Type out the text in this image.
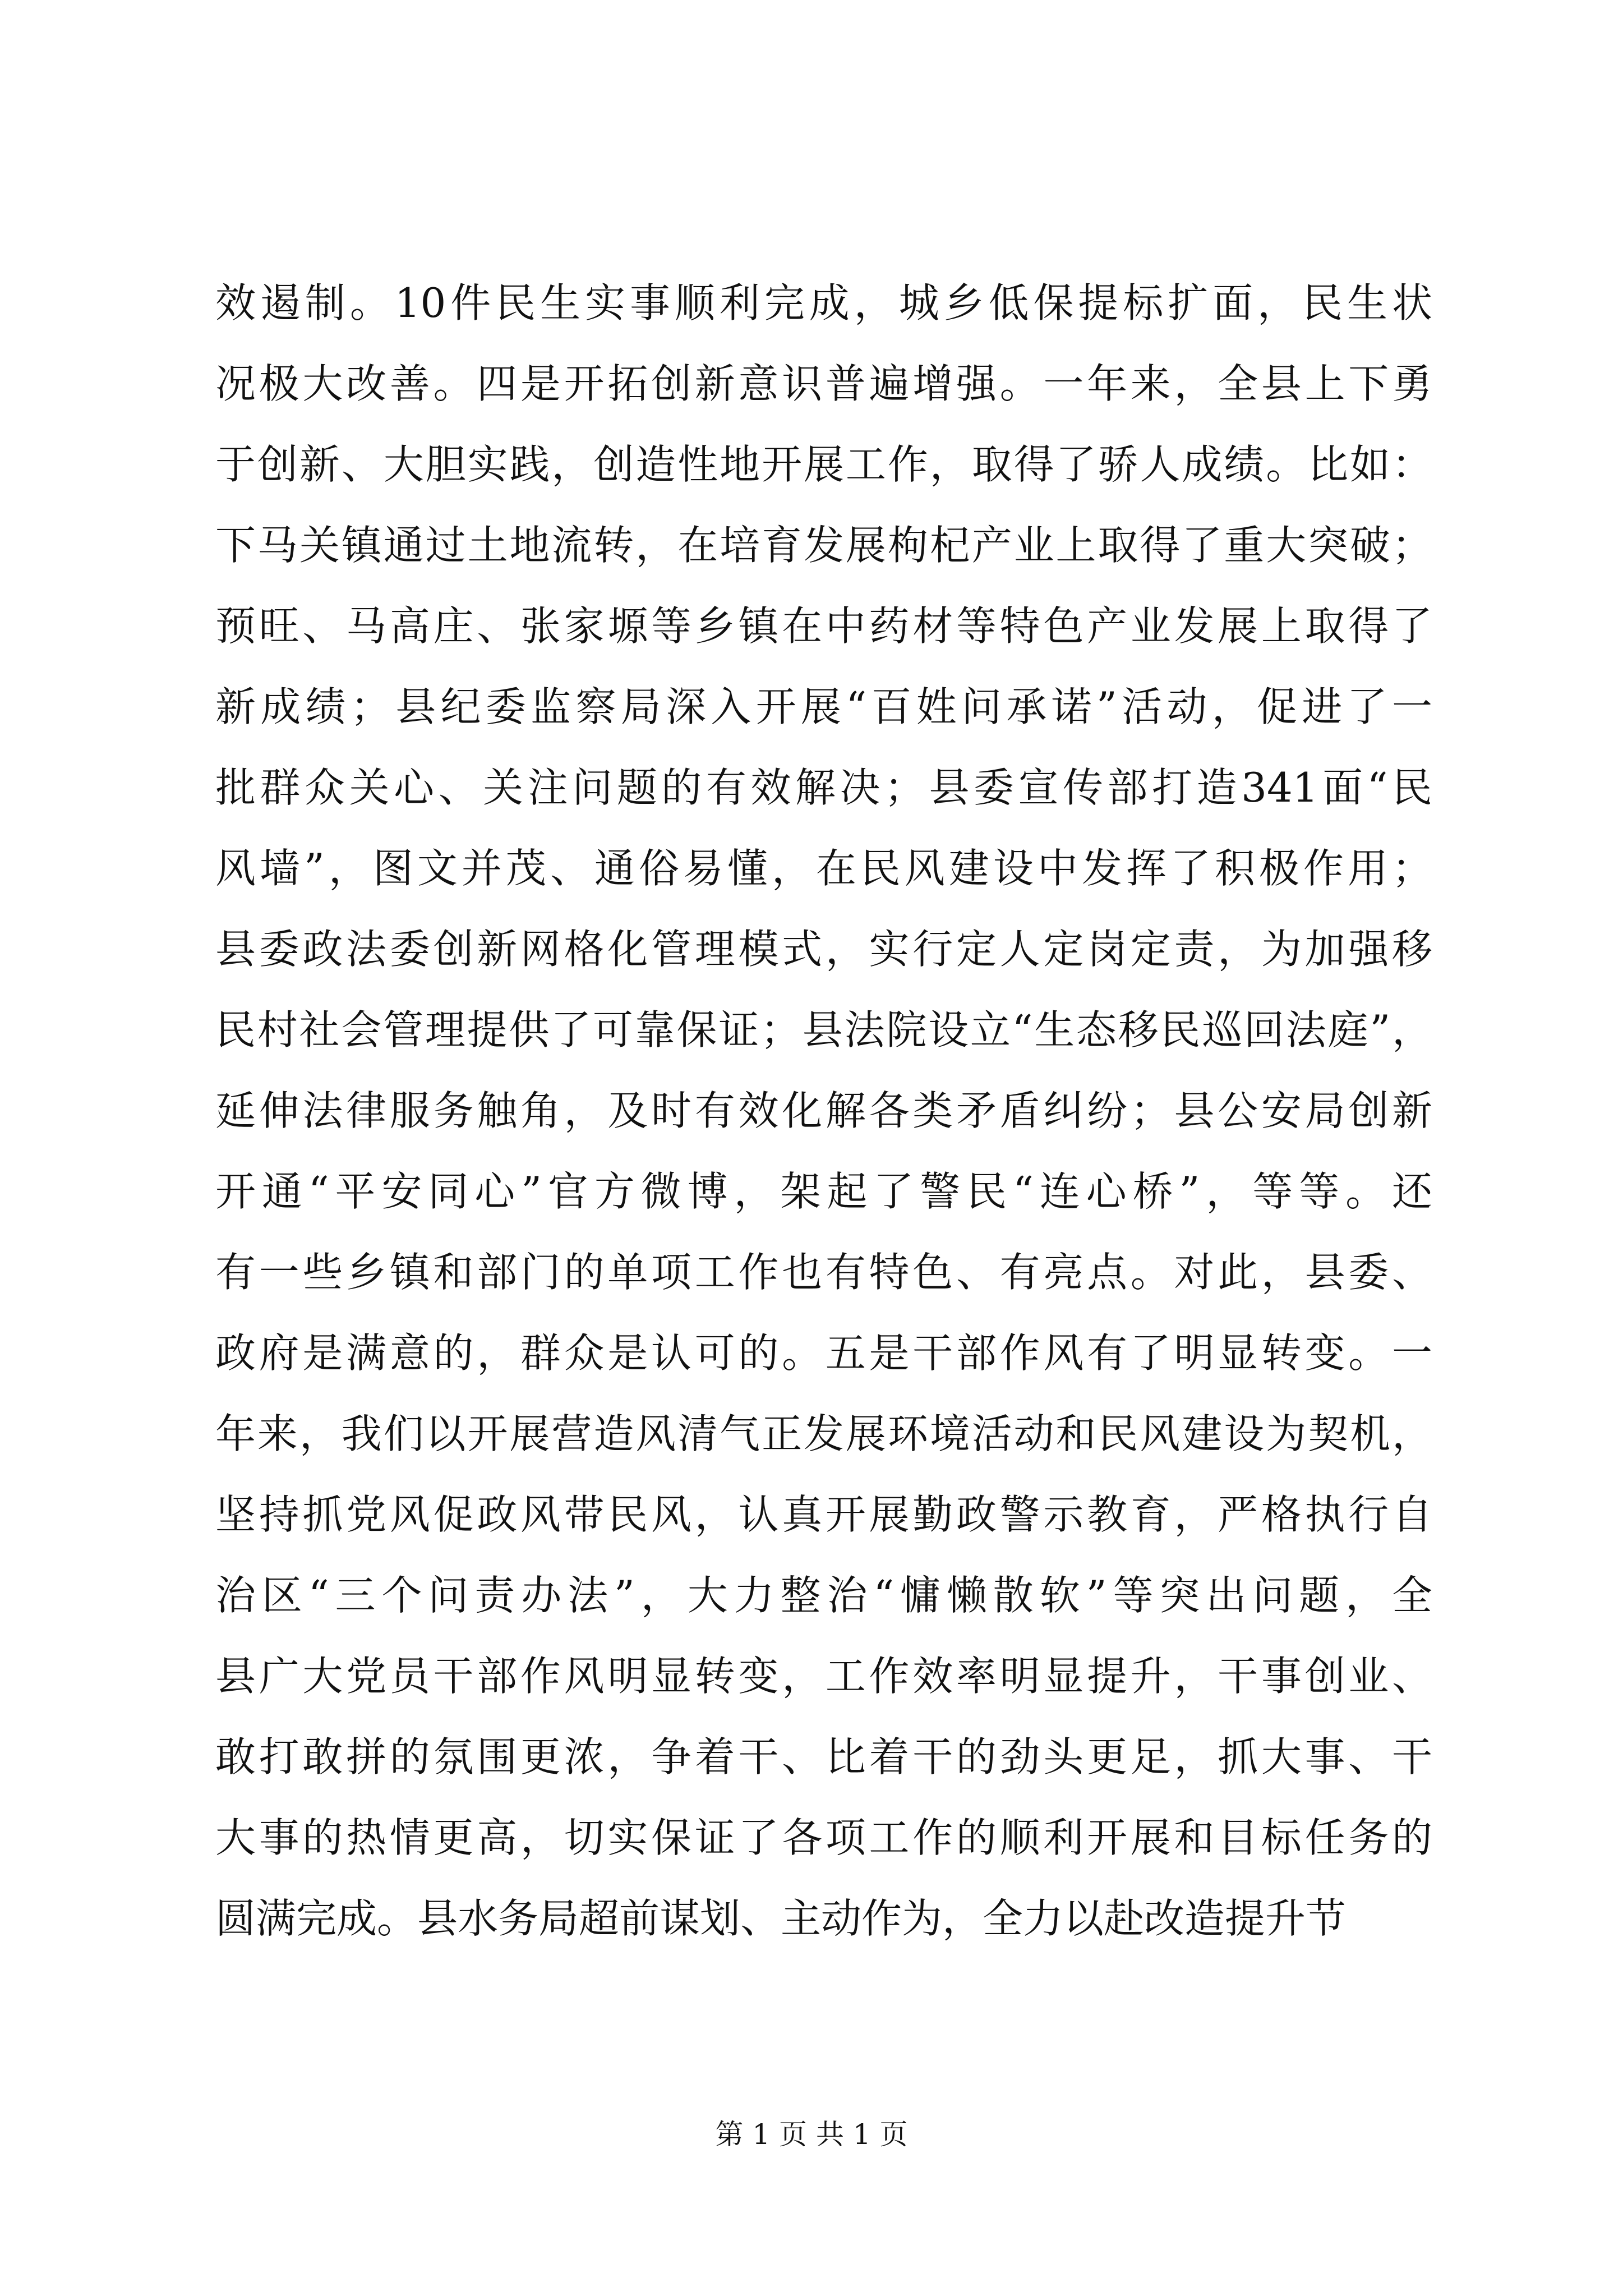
效遏制。10件民生实事顺利完成，城乡低保提标扩面，民生状
况极大改善。四是开拓创新意识普遍增强。一年来，全县上下勇
于创新、大胆实践，创造性地开展工作，取得了骄人成绩。比如：
下马关镇通过土地流转，在培育发展枸杞产业上取得了重大突破；
预旺、马高庄、张家塬等乡镇在中药材等特色产业发展上取得了
新成绩；县纪委监察局深入开展“百姓问承诺”活动，促进了一
批群众关心、关注问题的有效解决；县委宣传部打造341面“民
风墙”，图文并茂、通俗易懂，在民风建设中发挥了积极作用；
县委政法委创新网格化管理模式，实行定人定岗定责，为加强移
民村社会管理提供了可靠保证；县法院设立“生态移民巡回法庭”，
延伸法律服务触角，及时有效化解各类矛盾纠纷；县公安局创新
开通“平安同心”官方微博，架起了警民“连心桥”，等等。还
有一些乡镇和部门的单项工作也有特色、有亮点。对此，县委、
政府是满意的，群众是认可的。五是干部作风有了明显转变。一
年来，我们以开展营造风清气正发展环境活动和民风建设为契机，
坚持抓党风促政风带民风，认真开展勤政警示教育，严格执行自
治区“三个问责办法”，大力整治“慵懒散软”等突出问题，全
县广大党员干部作风明显转变，工作效率明显提升，干事创业、
敢打敢拼的氛围更浓，争着干、比着干的劲头更足，抓大事、干
大事的热情更高，切实保证了各项工作的顺利开展和目标任务的
圆满完成。县水务局超前谋划、主动作为，全力以赴改造提升节
第 1 页 共 1 页
